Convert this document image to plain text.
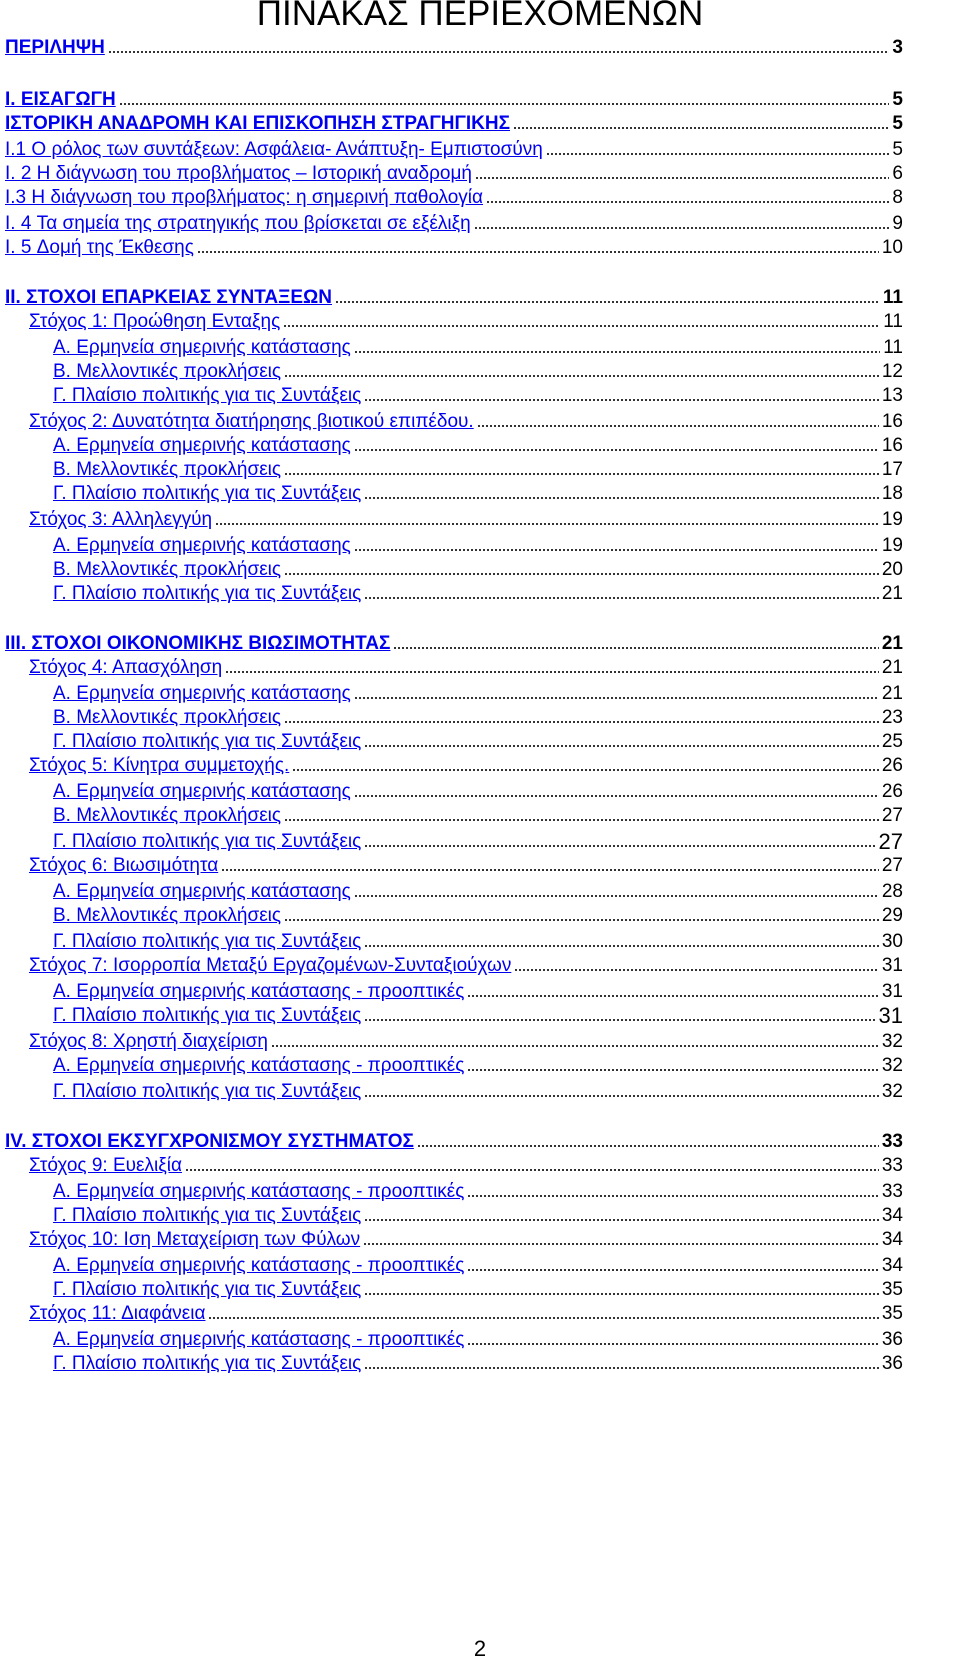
ΠΙΝΑΚΑΣ ΠΕΡΙΕΧΟΜΕΝΩΝ
ΠΕΡΙΛΗΨΗ	3
I. ΕΙΣΑΓΩΓΗ	5
ΙΣΤΟΡΙΚΗ ΑΝΑΔΡΟΜΗ ΚΑΙ ΕΠΙΣΚΟΠΗΣΗ ΣΤΡΑΓΗΓΙΚΗΣ	5
I.1 Ο ρόλος των συντάξεων: Ασφάλεια- Ανάπτυξη- Εμπιστοσύνη	5
I. 2 Η διάγνωση του προβλήματος – Ιστορική αναδρομή	6
I.3 Η διάγνωση του προβλήματος: η σημερινή παθολογία	8
I. 4 Τα σημεία της στρατηγικής που βρίσκεται σε εξέλιξη	9
I. 5 Δομή της Έκθεσης	10
II. ΣΤΟΧΟΙ ΕΠΑΡΚΕΙΑΣ ΣΥΝΤΑΞΕΩΝ	11
Στόχος 1: Προώθηση Ενταξης	11
Α. Ερμηνεία σημερινής κατάστασης	11
Β. Μελλοντικές προκλήσεις	12
Γ. Πλαίσιο πολιτικής για τις Συντάξεις	13
Στόχος 2: Δυνατότητα διατήρησης βιοτικού επιπέδου.	16
Α. Ερμηνεία σημερινής κατάστασης	16
Β. Μελλοντικές προκλήσεις	17
Γ. Πλαίσιο πολιτικής για τις Συντάξεις	18
Στόχος 3: Αλληλεγγύη	19
Α. Ερμηνεία σημερινής κατάστασης	19
Β. Μελλοντικές προκλήσεις	20
Γ. Πλαίσιο πολιτικής για τις Συντάξεις	21
III. ΣΤΟΧΟΙ ΟΙΚΟΝΟΜΙΚΗΣ ΒΙΩΣΙΜΟΤΗΤΑΣ	21
Στόχος 4: Απασχόληση	21
Α. Ερμηνεία σημερινής κατάστασης	21
Β. Μελλοντικές προκλήσεις	23
Γ. Πλαίσιο πολιτικής για τις Συντάξεις	25
Στόχος 5: Κίνητρα συμμετοχής.	26
Α. Ερμηνεία σημερινής κατάστασης	26
Β. Μελλοντικές προκλήσεις	27
Γ. Πλαίσιο πολιτικής για τις Συντάξεις	27
Στόχος 6: Βιωσιμότητα	27
Α. Ερμηνεία σημερινής κατάστασης	28
Β. Μελλοντικές προκλήσεις	29
Γ. Πλαίσιο πολιτικής για τις Συντάξεις	30
Στόχος 7: Ισορροπία Μεταξύ Εργαζομένων-Συνταξιούχων	31
Α. Ερμηνεία σημερινής κατάστασης - προοπτικές	31
Γ. Πλαίσιο πολιτικής για τις Συντάξεις	31
Στόχος 8: Χρηστή διαχείριση	32
Α. Ερμηνεία σημερινής κατάστασης - προοπτικές	32
Γ. Πλαίσιο πολιτικής για τις Συντάξεις	32
IV. ΣΤΟΧΟΙ ΕΚΣΥΓΧΡΟΝΙΣΜΟΥ ΣΥΣΤΗΜΑΤΟΣ	33
Στόχος 9: Ευελιξία	33
Α. Ερμηνεία σημερινής κατάστασης - προοπτικές	33
Γ. Πλαίσιο πολιτικής για τις Συντάξεις	34
Στόχος 10: Ιση Μεταχείριση των Φύλων	34
Α. Ερμηνεία σημερινής κατάστασης - προοπτικές	34
Γ. Πλαίσιο πολιτικής για τις Συντάξεις	35
Στόχος 11: Διαφάνεια	35
Α. Ερμηνεία σημερινής κατάστασης - προοπτικές	36
Γ. Πλαίσιο πολιτικής για τις Συντάξεις	36
2
